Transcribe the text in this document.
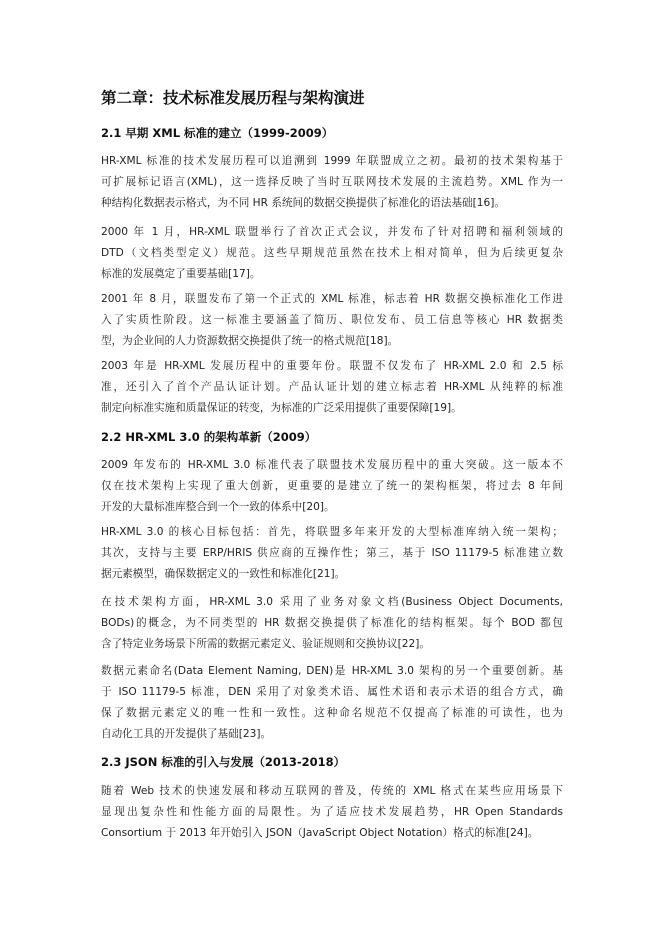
第二章：技术标准发展历程与架构演进
2.1 早期 XML 标准的建立（1999-2009）

HR-XML 标准的技术发展历程可以追溯到 1999 年联盟成立之初。最初的技术架构基于
可扩展标记语言(XML)，这一选择反映了当时互联网技术发展的主流趋势。XML 作为一
种结构化数据表示格式，为不同 HR 系统间的数据交换提供了标准化的语法基础[16]。

2000 年 1 月，HR-XML 联盟举行了首次正式会议，并发布了针对招聘和福利领域的
DTD（文档类型定义）规范。这些早期规范虽然在技术上相对简单，但为后续更复杂
标准的发展奠定了重要基础[17]。

2001 年 8 月，联盟发布了第一个正式的 XML 标准，标志着 HR 数据交换标准化工作进
入了实质性阶段。这一标准主要涵盖了简历、职位发布、员工信息等核心 HR 数据类
型，为企业间的人力资源数据交换提供了统一的格式规范[18]。

2003 年是 HR-XML 发展历程中的重要年份。联盟不仅发布了 HR-XML 2.0 和 2.5 标
准，还引入了首个产品认证计划。产品认证计划的建立标志着 HR-XML 从纯粹的标准
制定向标准实施和质量保证的转变，为标准的广泛采用提供了重要保障[19]。

2.2 HR-XML 3.0 的架构革新（2009）

2009 年发布的 HR-XML 3.0 标准代表了联盟技术发展历程中的重大突破。这一版本不
仅在技术架构上实现了重大创新，更重要的是建立了统一的架构框架，将过去 8 年间
开发的大量标准库整合到一个一致的体系中[20]。

HR-XML 3.0 的核心目标包括：首先，将联盟多年来开发的大型标准库纳入统一架构；
其次，支持与主要 ERP/HRIS 供应商的互操作性；第三，基于 ISO 11179-5 标准建立数
据元素模型，确保数据定义的一致性和标准化[21]。

在技术架构方面，HR-XML 3.0 采用了业务对象文档(Business Object Documents,
BODs)的概念，为不同类型的 HR 数据交换提供了标准化的结构框架。每个 BOD 都包
含了特定业务场景下所需的数据元素定义、验证规则和交换协议[22]。

数据元素命名(Data Element Naming, DEN)是 HR-XML 3.0 架构的另一个重要创新。基
于 ISO 11179-5 标准，DEN 采用了对象类术语、属性术语和表示术语的组合方式，确
保了数据元素定义的唯一性和一致性。这种命名规范不仅提高了标准的可读性，也为
自动化工具的开发提供了基础[23]。

2.3 JSON 标准的引入与发展（2013-2018）

随着 Web 技术的快速发展和移动互联网的普及，传统的 XML 格式在某些应用场景下
显现出复杂性和性能方面的局限性。为了适应技术发展趋势，HR Open Standards
Consortium 于 2013 年开始引入 JSON（JavaScript Object Notation）格式的标准[24]。
